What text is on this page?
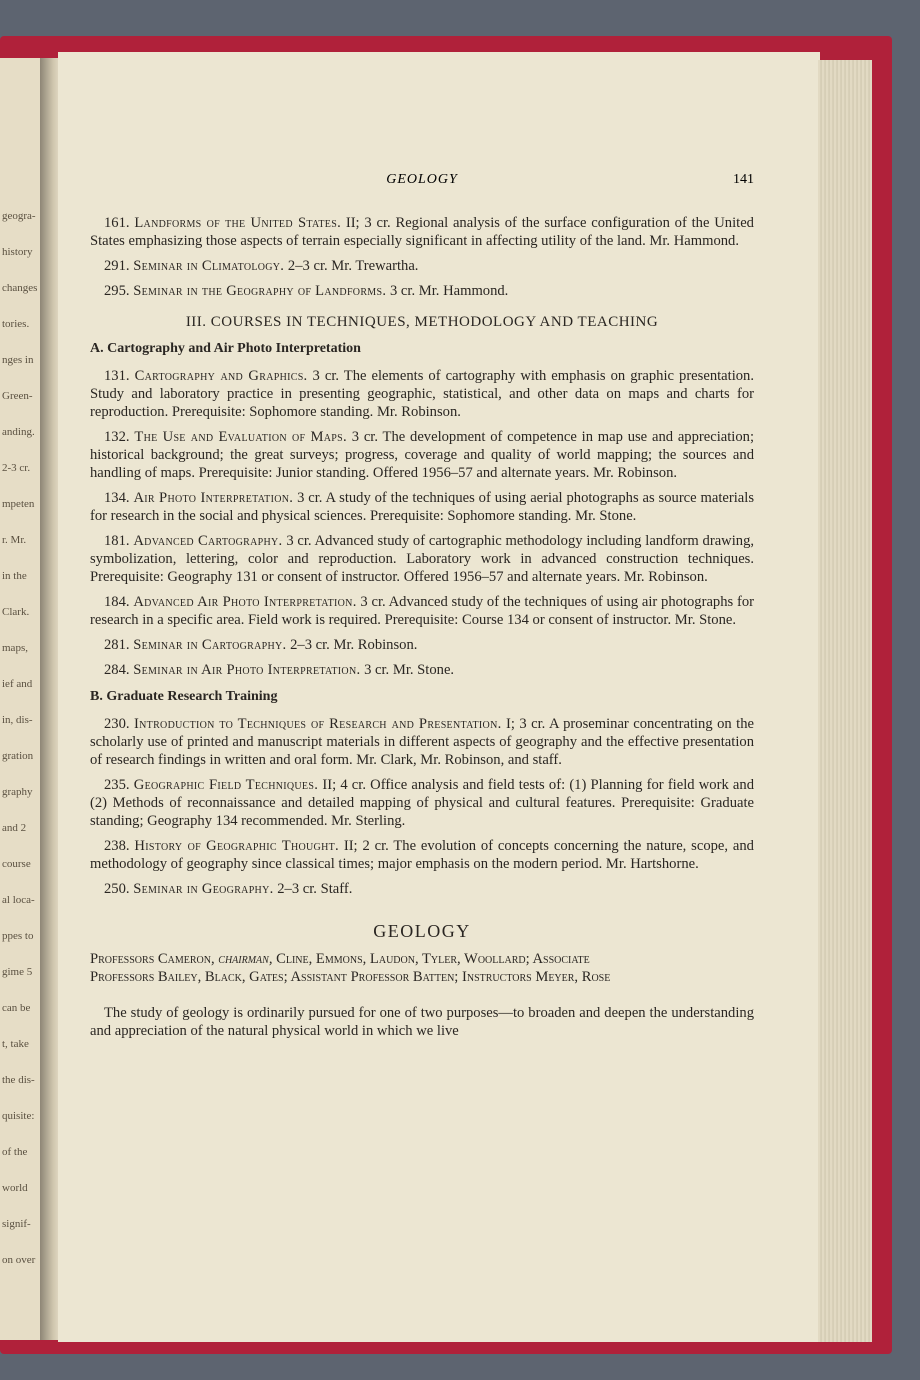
geogra-
history
changes
tories.
nges in
Green-
anding.
2-3 cr.
mpeten
r. Mr.
in the
Clark.
maps,
ief and
in, dis-
gration
graphy
and 2
course
al loca-
ppes to
gime 5
can be
t, take
the dis-
quisite:
of the
world
signif-
on over
GEOLOGY	141

161. Landforms of the United States. II; 3 cr. Regional analysis of the surface configuration of the United States emphasizing those aspects of terrain especially significant in affecting utility of the land. Mr. Hammond.

291. Seminar in Climatology. 2–3 cr. Mr. Trewartha.

295. Seminar in the Geography of Landforms. 3 cr. Mr. Hammond.

III. COURSES IN TECHNIQUES, METHODOLOGY AND TEACHING
A. Cartography and Air Photo Interpretation

131. Cartography and Graphics. 3 cr. The elements of cartography with emphasis on graphic presentation. Study and laboratory practice in presenting geographic, statistical, and other data on maps and charts for reproduction. Prerequisite: Sophomore standing. Mr. Robinson.

132. The Use and Evaluation of Maps. 3 cr. The development of competence in map use and appreciation; historical background; the great surveys; progress, coverage and quality of world mapping; the sources and handling of maps. Prerequisite: Junior standing. Offered 1956–57 and alternate years. Mr. Robinson.

134. Air Photo Interpretation. 3 cr. A study of the techniques of using aerial photographs as source materials for research in the social and physical sciences. Prerequisite: Sophomore standing. Mr. Stone.

181. Advanced Cartography. 3 cr. Advanced study of cartographic methodology including landform drawing, symbolization, lettering, color and reproduction. Laboratory work in advanced construction techniques. Prerequisite: Geography 131 or consent of instructor. Offered 1956–57 and alternate years. Mr. Robinson.

184. Advanced Air Photo Interpretation. 3 cr. Advanced study of the techniques of using air photographs for research in a specific area. Field work is required. Prerequisite: Course 134 or consent of instructor. Mr. Stone.

281. Seminar in Cartography. 2–3 cr. Mr. Robinson.

284. Seminar in Air Photo Interpretation. 3 cr. Mr. Stone.

B. Graduate Research Training

230. Introduction to Techniques of Research and Presentation. I; 3 cr. A proseminar concentrating on the scholarly use of printed and manuscript materials in different aspects of geography and the effective presentation of research findings in written and oral form. Mr. Clark, Mr. Robinson, and staff.

235. Geographic Field Techniques. II; 4 cr. Office analysis and field tests of: (1) Planning for field work and (2) Methods of reconnaissance and detailed mapping of physical and cultural features. Prerequisite: Graduate standing; Geography 134 recommended. Mr. Sterling.

238. History of Geographic Thought. II; 2 cr. The evolution of concepts concerning the nature, scope, and methodology of geography since classical times; major emphasis on the modern period. Mr. Hartshorne.

250. Seminar in Geography. 2–3 cr. Staff.

GEOLOGY

Professors Cameron, chairman, Cline, Emmons, Laudon, Tyler, Woollard; Associate
Professors Bailey, Black, Gates; Assistant Professor Batten; Instructors Meyer, Rose

The study of geology is ordinarily pursued for one of two purposes—to broaden and deepen the understanding and appreciation of the natural physical world in which we live
